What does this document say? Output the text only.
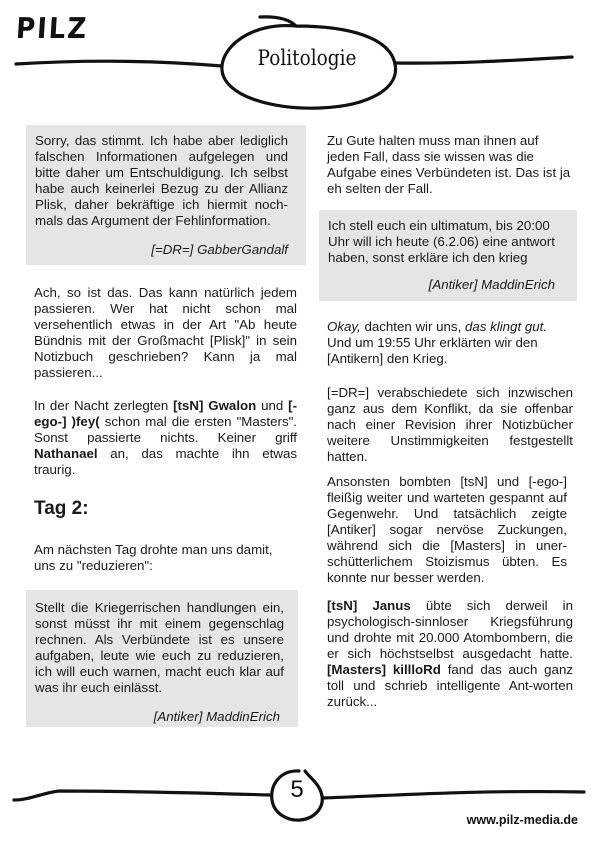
PILZ
Politologie
Sorry, das stimmt. Ich habe aber lediglich falschen Informationen aufgelegen und bitte daher um Entschuldigung. Ich selbst habe auch keinerlei Bezug zu der Allianz Plisk, daher bekräftige ich hiermit noch-mals das Argument der Fehlinformation.
[=DR=] GabberGandalf
Ach, so ist das. Das kann natürlich jedem passieren. Wer hat nicht schon mal versehentlich etwas in der Art "Ab heute Bündnis mit der Großmacht [Plisk]" in sein Notizbuch geschrieben? Kann ja mal passieren...
In der Nacht zerlegten [tsN] Gwalon und [-ego-] )fey( schon mal die ersten "Masters". Sonst passierte nichts. Keiner griff Nathanael an, das machte ihn etwas traurig.
Tag 2:
Am nächsten Tag drohte man uns damit, uns zu "reduzieren":
Stellt die Kriegerrischen handlungen ein, sonst müsst ihr mit einem gegenschlag rechnen. Als Verbündete ist es unsere aufgaben, leute wie euch zu reduzieren, ich will euch warnen, macht euch klar auf was ihr euch einlässt.
[Antiker] MaddinErich
Zu Gute halten muss man ihnen auf jeden Fall, dass sie wissen was die Aufgabe eines Verbündeten ist. Das ist ja eh selten der Fall.
Ich stell euch ein ultimatum, bis 20:00 Uhr will ich heute (6.2.06) eine antwort haben, sonst erkläre ich den krieg
[Antiker] MaddinErich
Okay, dachten wir uns, das klingt gut. Und um 19:55 Uhr erklärten wir den [Antikern] den Krieg.
[=DR=] verabschiedete sich inzwischen ganz aus dem Konflikt, da sie offenbar nach einer Revision ihrer Notizbücher weitere Unstimmigkeiten festgestellt hatten.
Ansonsten bombten [tsN] und [-ego-] fleißig weiter und warteten gespannt auf Gegenwehr. Und tatsächlich zeigte [Antiker] sogar nervöse Zuckungen, während sich die [Masters] in uner-schütterlichem Stoizismus übten. Es konnte nur besser werden.
[tsN] Janus übte sich derweil in psychologisch-sinnloser Kriegsführung und drohte mit 20.000 Atombombern, die er sich höchstselbst ausgedacht hatte. [Masters] killloRd fand das auch ganz toll und schrieb intelligente Ant-worten zurück...
5
www.pilz-media.de
